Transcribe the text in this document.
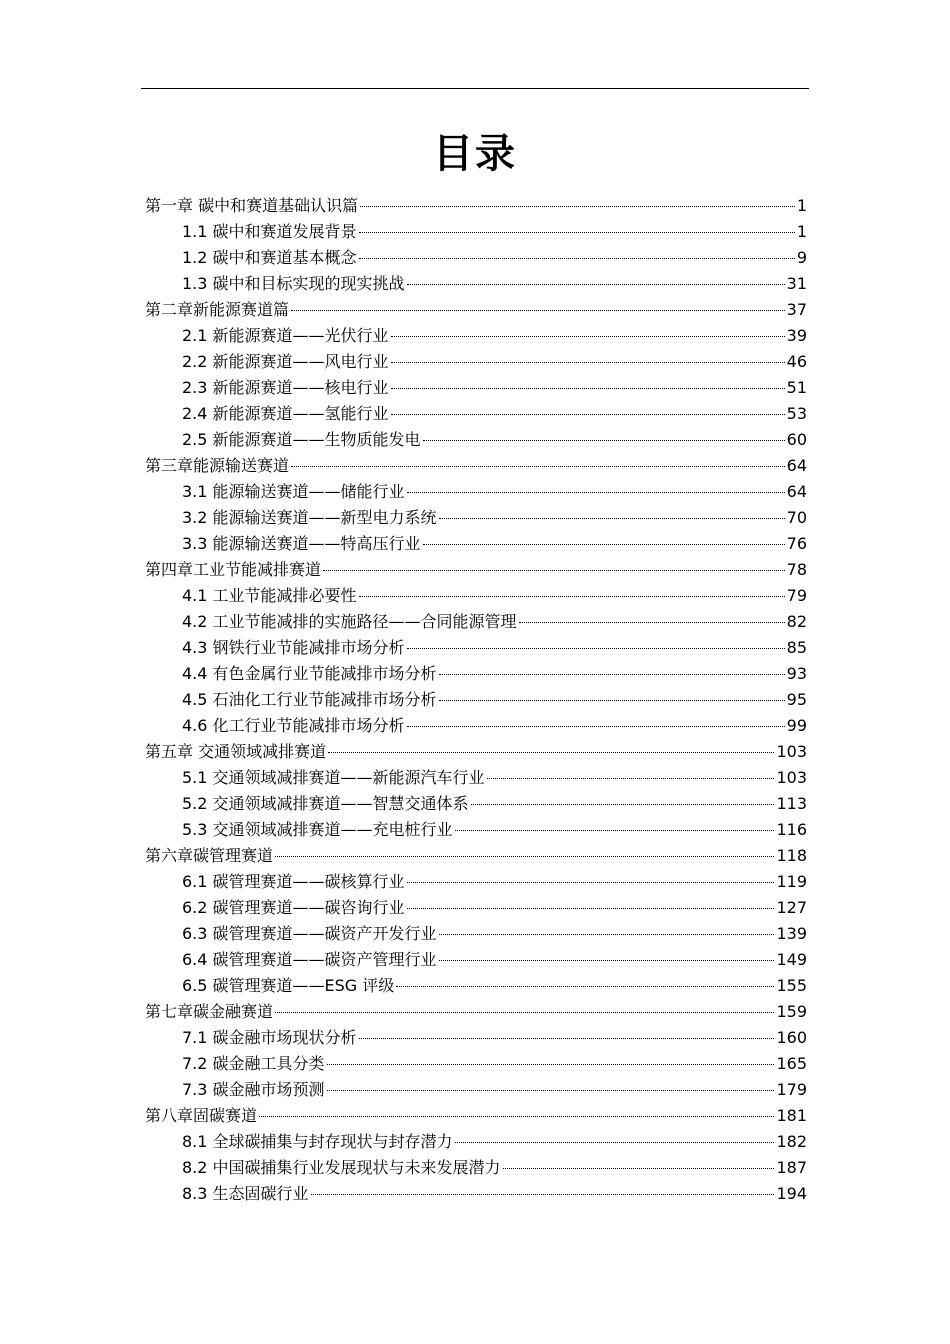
目录
第一章 碳中和赛道基础认识篇	1
1.1 碳中和赛道发展背景	1
1.2 碳中和赛道基本概念	9
1.3 碳中和目标实现的现实挑战	31
第二章新能源赛道篇	37
2.1 新能源赛道——光伏行业	39
2.2 新能源赛道——风电行业	46
2.3 新能源赛道——核电行业	51
2.4 新能源赛道——氢能行业	53
2.5 新能源赛道——生物质能发电	60
第三章能源输送赛道	64
3.1 能源输送赛道——储能行业	64
3.2 能源输送赛道——新型电力系统	70
3.3 能源输送赛道——特高压行业	76
第四章工业节能减排赛道	78
4.1 工业节能减排必要性	79
4.2 工业节能减排的实施路径——合同能源管理	82
4.3 钢铁行业节能减排市场分析	85
4.4 有色金属行业节能减排市场分析	93
4.5 石油化工行业节能减排市场分析	95
4.6 化工行业节能减排市场分析	99
第五章 交通领域减排赛道	103
5.1 交通领域减排赛道——新能源汽车行业	103
5.2 交通领域减排赛道——智慧交通体系	113
5.3 交通领域减排赛道——充电桩行业	116
第六章碳管理赛道	118
6.1 碳管理赛道——碳核算行业	119
6.2 碳管理赛道——碳咨询行业	127
6.3 碳管理赛道——碳资产开发行业	139
6.4 碳管理赛道——碳资产管理行业	149
6.5 碳管理赛道——ESG 评级	155
第七章碳金融赛道	159
7.1 碳金融市场现状分析	160
7.2 碳金融工具分类	165
7.3 碳金融市场预测	179
第八章固碳赛道	181
8.1 全球碳捕集与封存现状与封存潜力	182
8.2 中国碳捕集行业发展现状与未来发展潜力	187
8.3 生态固碳行业	194
